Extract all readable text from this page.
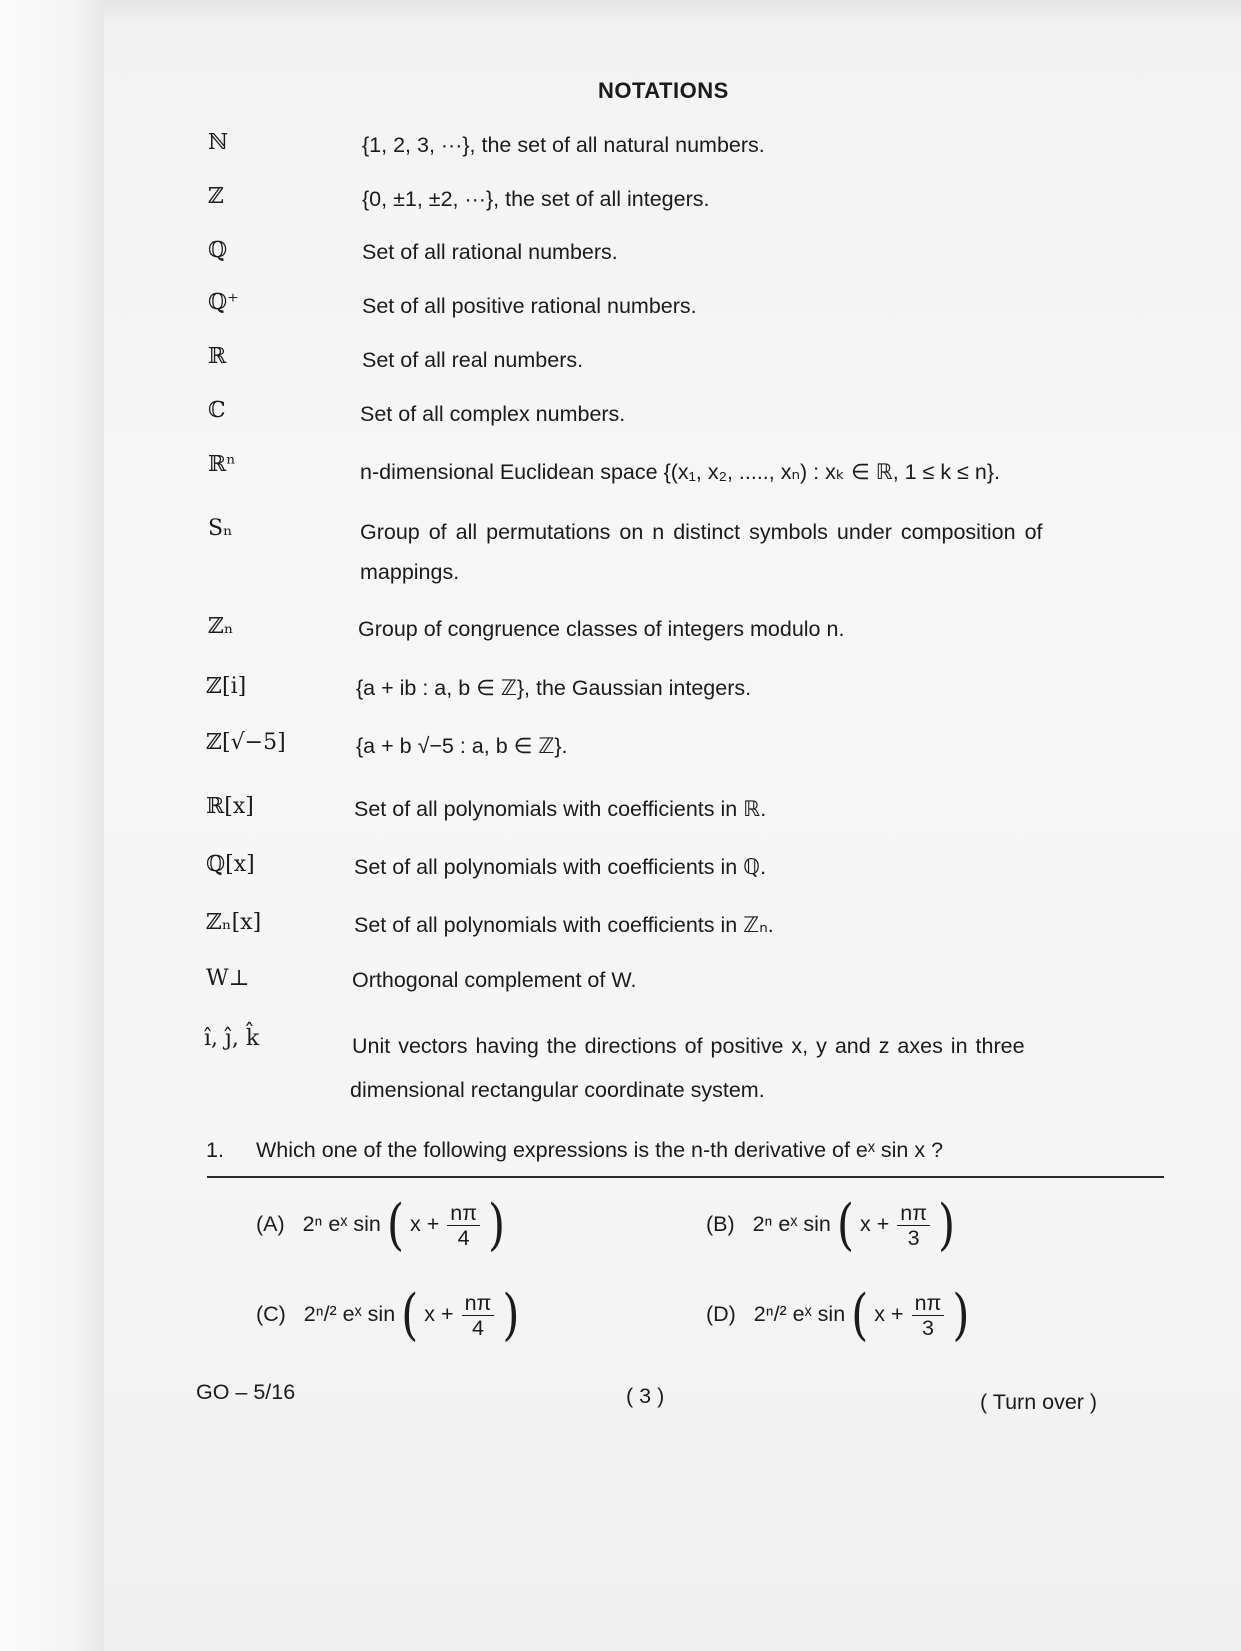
NOTATIONS
ℕ	{1, 2, 3, ···}, the set of all natural numbers.
ℤ	{0, ±1, ±2, ···}, the set of all integers.
ℚ	Set of all rational numbers.
ℚ⁺	Set of all positive rational numbers.
ℝ	Set of all real numbers.
ℂ	Set of all complex numbers.
ℝⁿ	n-dimensional Euclidean space {(x₁, x₂, ....., xₙ) : xₖ ∈ ℝ, 1 ≤ k ≤ n}.
Sₙ	Group of all permutations on n distinct symbols under composition of
mappings.
ℤₙ	Group of congruence classes of integers modulo n.
ℤ[i]	{a + ib : a, b ∈ ℤ}, the Gaussian integers.
ℤ[√−5]	{a + b √−5 : a, b ∈ ℤ}.
ℝ[x]	Set of all polynomials with coefficients in ℝ.
ℚ[x]	Set of all polynomials with coefficients in ℚ.
ℤₙ[x]	Set of all polynomials with coefficients in ℤₙ.
W⊥	Orthogonal complement of W.
î, ĵ, k̂	Unit vectors having the directions of positive x, y and z axes in three
dimensional rectangular coordinate system.
1. Which one of the following expressions is the n-th derivative of eˣ sin x ?
(A) 2ⁿ eˣ sin ( $x + \frac{n\pi}{4}$ )	(B) 2ⁿ eˣ sin ( $x + \frac{n\pi}{3}$ )
(C) 2ⁿ/² eˣ sin ( $x + \frac{n\pi}{4}$ )	(D) 2ⁿ/² eˣ sin ( $x + \frac{n\pi}{3}$ )
GO – 5/16	( 3 )	( Turn over )
